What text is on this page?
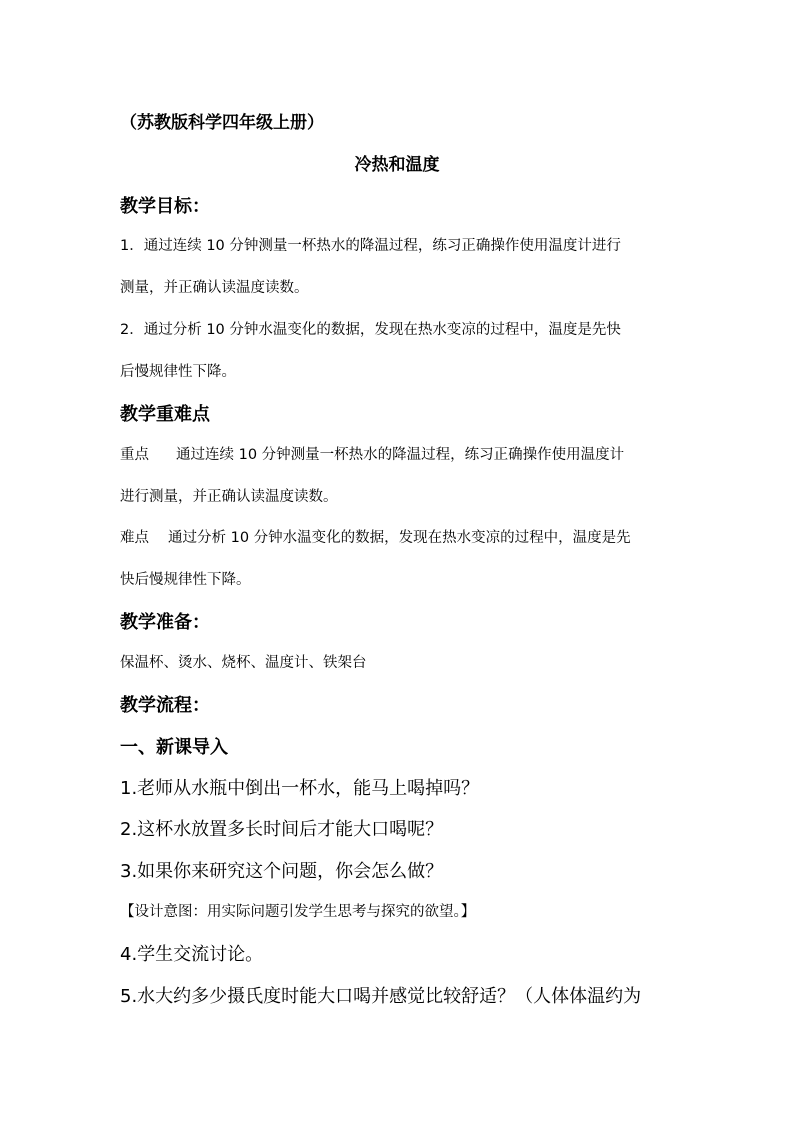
（苏教版科学四年级上册）
冷热和温度
教学目标：
1．通过连续 10 分钟测量一杯热水的降温过程，练习正确操作使用温度计进行
测量，并正确认读温度读数。
2．通过分析 10 分钟水温变化的数据，发现在热水变凉的过程中，温度是先快
后慢规律性下降。
教学重难点
重点 通过连续 10 分钟测量一杯热水的降温过程，练习正确操作使用温度计
进行测量，并正确认读温度读数。
难点 通过分析 10 分钟水温变化的数据，发现在热水变凉的过程中，温度是先
快后慢规律性下降。
教学准备：
保温杯、烫水、烧杯、温度计、铁架台
教学流程：
一、新课导入
1.老师从水瓶中倒出一杯水，能马上喝掉吗？
2.这杯水放置多长时间后才能大口喝呢？
3.如果你来研究这个问题，你会怎么做？
【设计意图：用实际问题引发学生思考与探究的欲望。】
4.学生交流讨论。
5.水大约多少摄氏度时能大口喝并感觉比较舒适？（人体体温约为
